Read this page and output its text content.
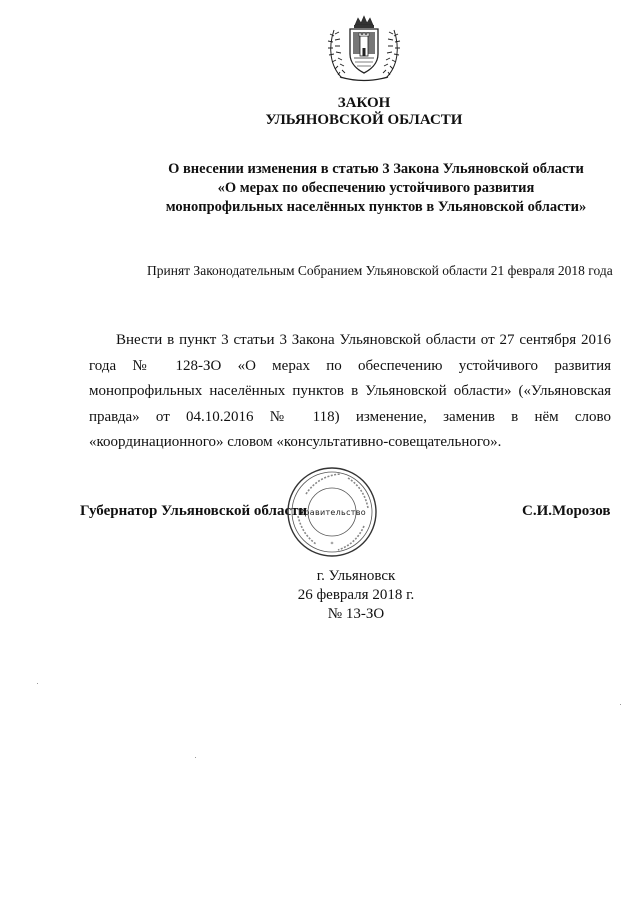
ЗАКОН
УЛЬЯНОВСКОЙ ОБЛАСТИ
О внесении изменения в статью 3 Закона Ульяновской области
«О мерах по обеспечению устойчивого развития
монопрофильных населённых пунктов в Ульяновской области»
Принят Законодательным Собранием Ульяновской области 21 февраля 2018 года
Внести в пункт 3 статьи 3 Закона Ульяновской области от 27 сентября 2016 года № 128-ЗО «О мерах по обеспечению устойчивого развития монопрофильных населённых пунктов в Ульяновской области» («Ульяновская правда» от 04.10.2016 № 118) изменение, заменив в нём слово «координационного» словом «консультативно-совещательного».
Губернатор Ульяновской области
*
Правительство	С.И.Морозов
г. Ульяновск
26 февраля 2018 г.
№ 13-ЗО
